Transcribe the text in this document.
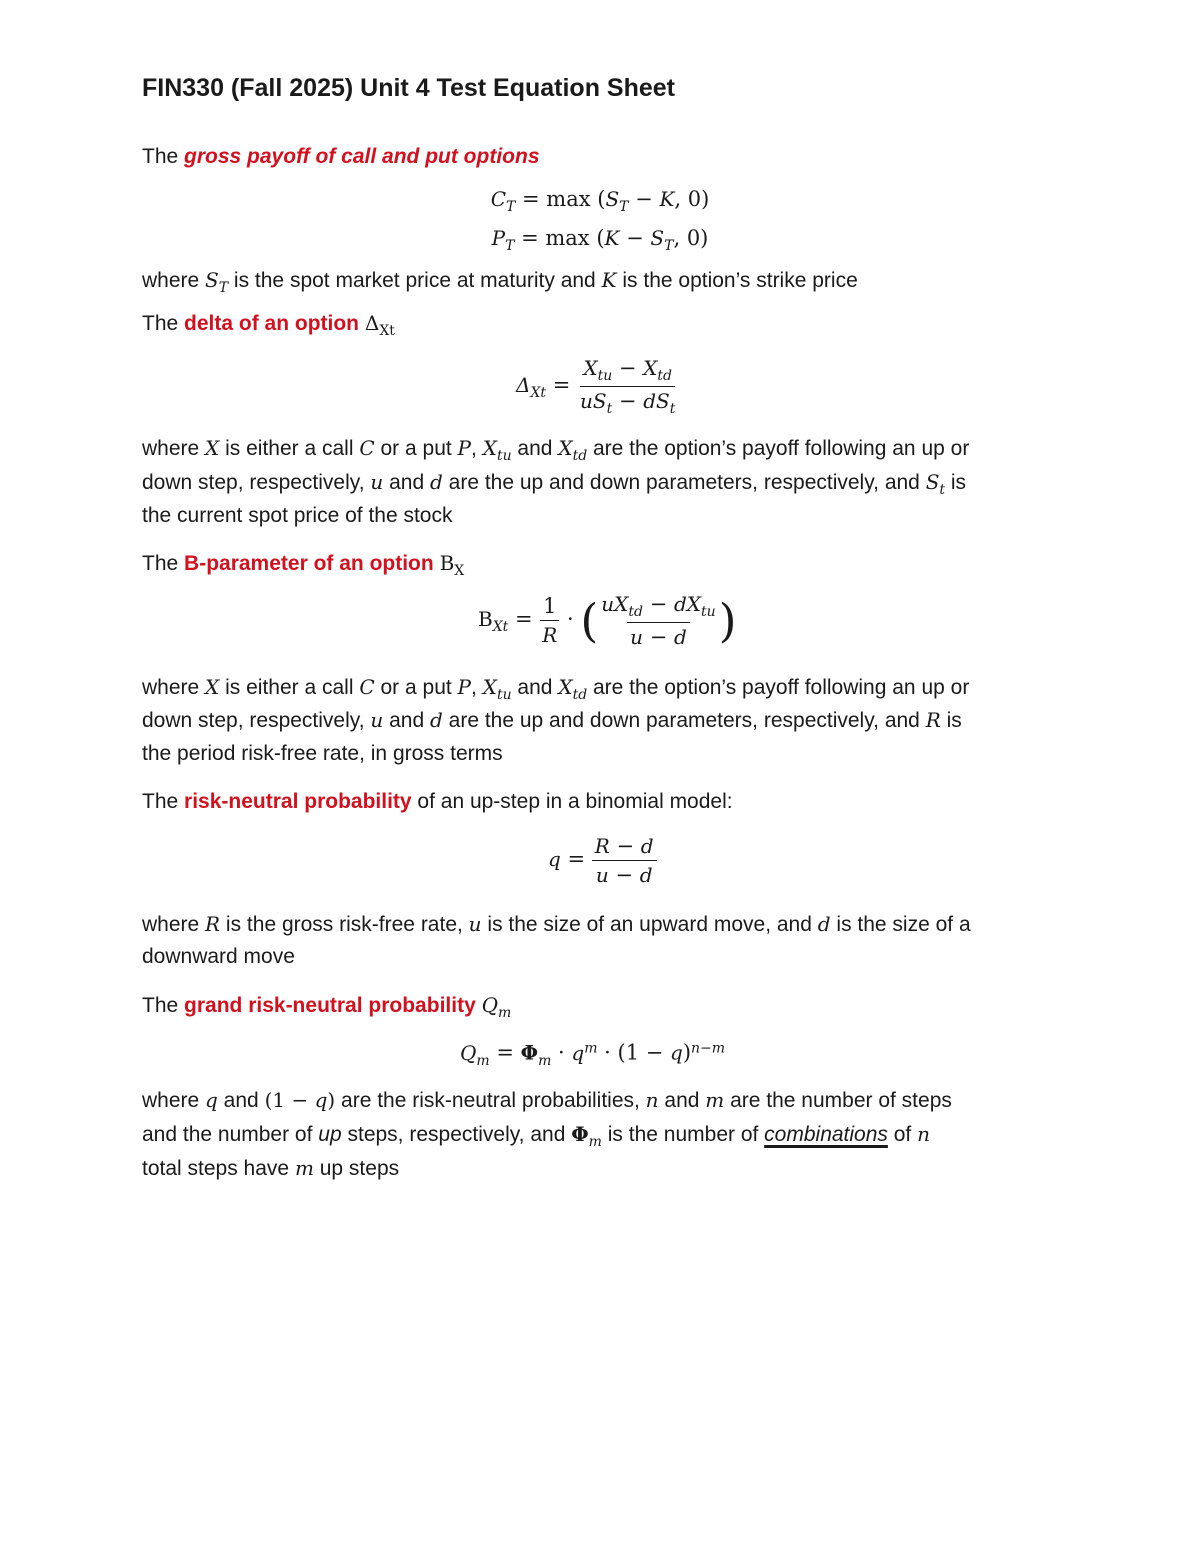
FIN330 (Fall 2025) Unit 4 Test Equation Sheet
The gross payoff of call and put options
$C_T = \max (S_T - K$, 0)
$P_T = \max (K - S_T$, 0)
where $S_T$ is the spot market price at maturity and K is the option’s strike price
The delta of an option $\Delta_{Xt}$
$\Delta_{Xt} = \frac{X_{tu} - X_{td}}{uS_t - dS_t}$
where X is either a call C or a put P, $X_{tu}$ and $X_{td}$ are the option’s payoff following an up or
down step, respectively, u and d are the up and down parameters, respectively, and $S_t$ is
the current spot price of the stock
The B-parameter of an option $B_X$
$B_{Xt} = \frac{1}{R}$ · ( $\frac{uX_{td} - dX_{tu}}{u - d}$ )
where X is either a call C or a put P, $X_{tu}$ and $X_{td}$ are the option’s payoff following an up or
down step, respectively, u and d are the up and down parameters, respectively, and R is
the period risk-free rate, in gross terms
The risk-neutral probability of an up-step in a binomial model:
$q = \frac{R - d}{u - d}$
where R is the gross risk-free rate, u is the size of an upward move, and d is the size of a
downward move
The grand risk-neutral probability $Q_m$
$Q_m = \Phi_m \cdot q^m \cdot (1 - q)^{n-m}$
where q and (1 − q) are the risk-neutral probabilities, n and m are the number of steps
and the number of up steps, respectively, and $\Phi_m$ is the number of combinations of n
total steps have m up steps
